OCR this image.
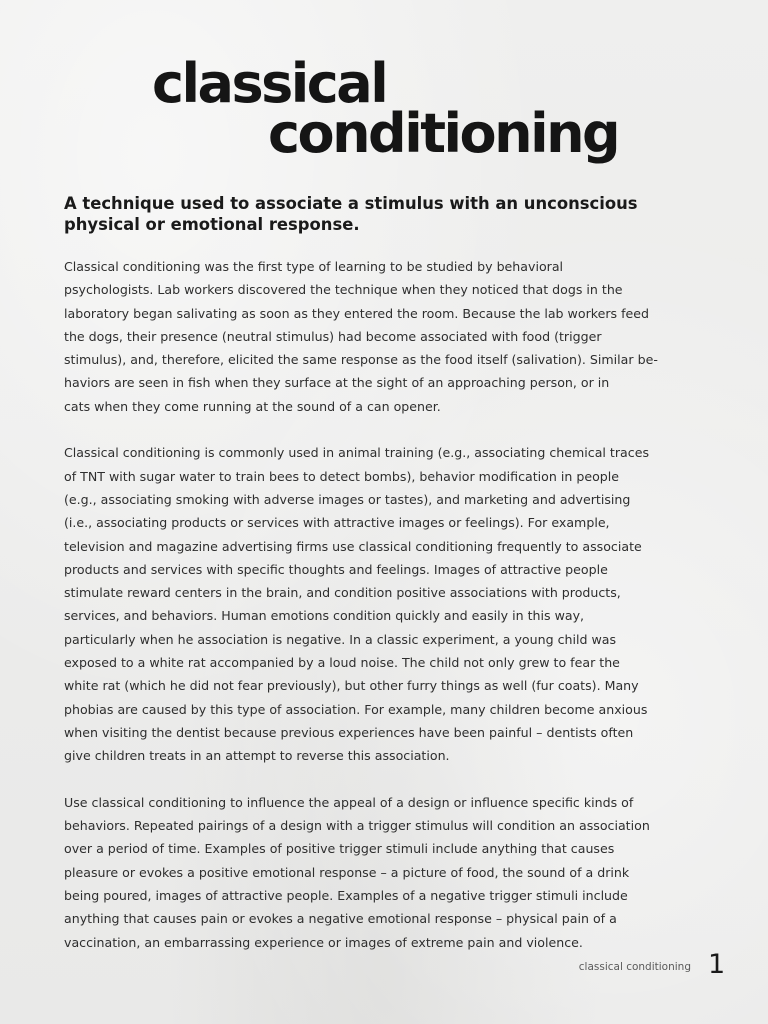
classical
conditioning
A technique used to associate a stimulus with an unconscious
physical or emotional response.

Classical conditioning was the first type of learning to be studied by behavioral
psychologists. Lab workers discovered the technique when they noticed that dogs in the
laboratory began salivating as soon as they entered the room. Because the lab workers feed
the dogs, their presence (neutral stimulus) had become associated with food (trigger
stimulus), and, therefore, elicited the same response as the food itself (salivation). Similar be-
haviors are seen in fish when they surface at the sight of an approaching person, or in
cats when they come running at the sound of a can opener.

Classical conditioning is commonly used in animal training (e.g., associating chemical traces
of TNT with sugar water to train bees to detect bombs), behavior modification in people
(e.g., associating smoking with adverse images or tastes), and marketing and advertising
(i.e., associating products or services with attractive images or feelings). For example,
television and magazine advertising firms use classical conditioning frequently to associate
products and services with specific thoughts and feelings. Images of attractive people
stimulate reward centers in the brain, and condition positive associations with products,
services, and behaviors. Human emotions condition quickly and easily in this way,
particularly when he association is negative. In a classic experiment, a young child was
exposed to a white rat accompanied by a loud noise. The child not only grew to fear the
white rat (which he did not fear previously), but other furry things as well (fur coats). Many
phobias are caused by this type of association. For example, many children become anxious
when visiting the dentist because previous experiences have been painful – dentists often
give children treats in an attempt to reverse this association.

Use classical conditioning to influence the appeal of a design or influence specific kinds of
behaviors. Repeated pairings of a design with a trigger stimulus will condition an association
over a period of time. Examples of positive trigger stimuli include anything that causes
pleasure or evokes a positive emotional response – a picture of food, the sound of a drink
being poured, images of attractive people. Examples of a negative trigger stimuli include
anything that causes pain or evokes a negative emotional response – physical pain of a
vaccination, an embarrassing experience or images of extreme pain and violence.

classical conditioning 1
